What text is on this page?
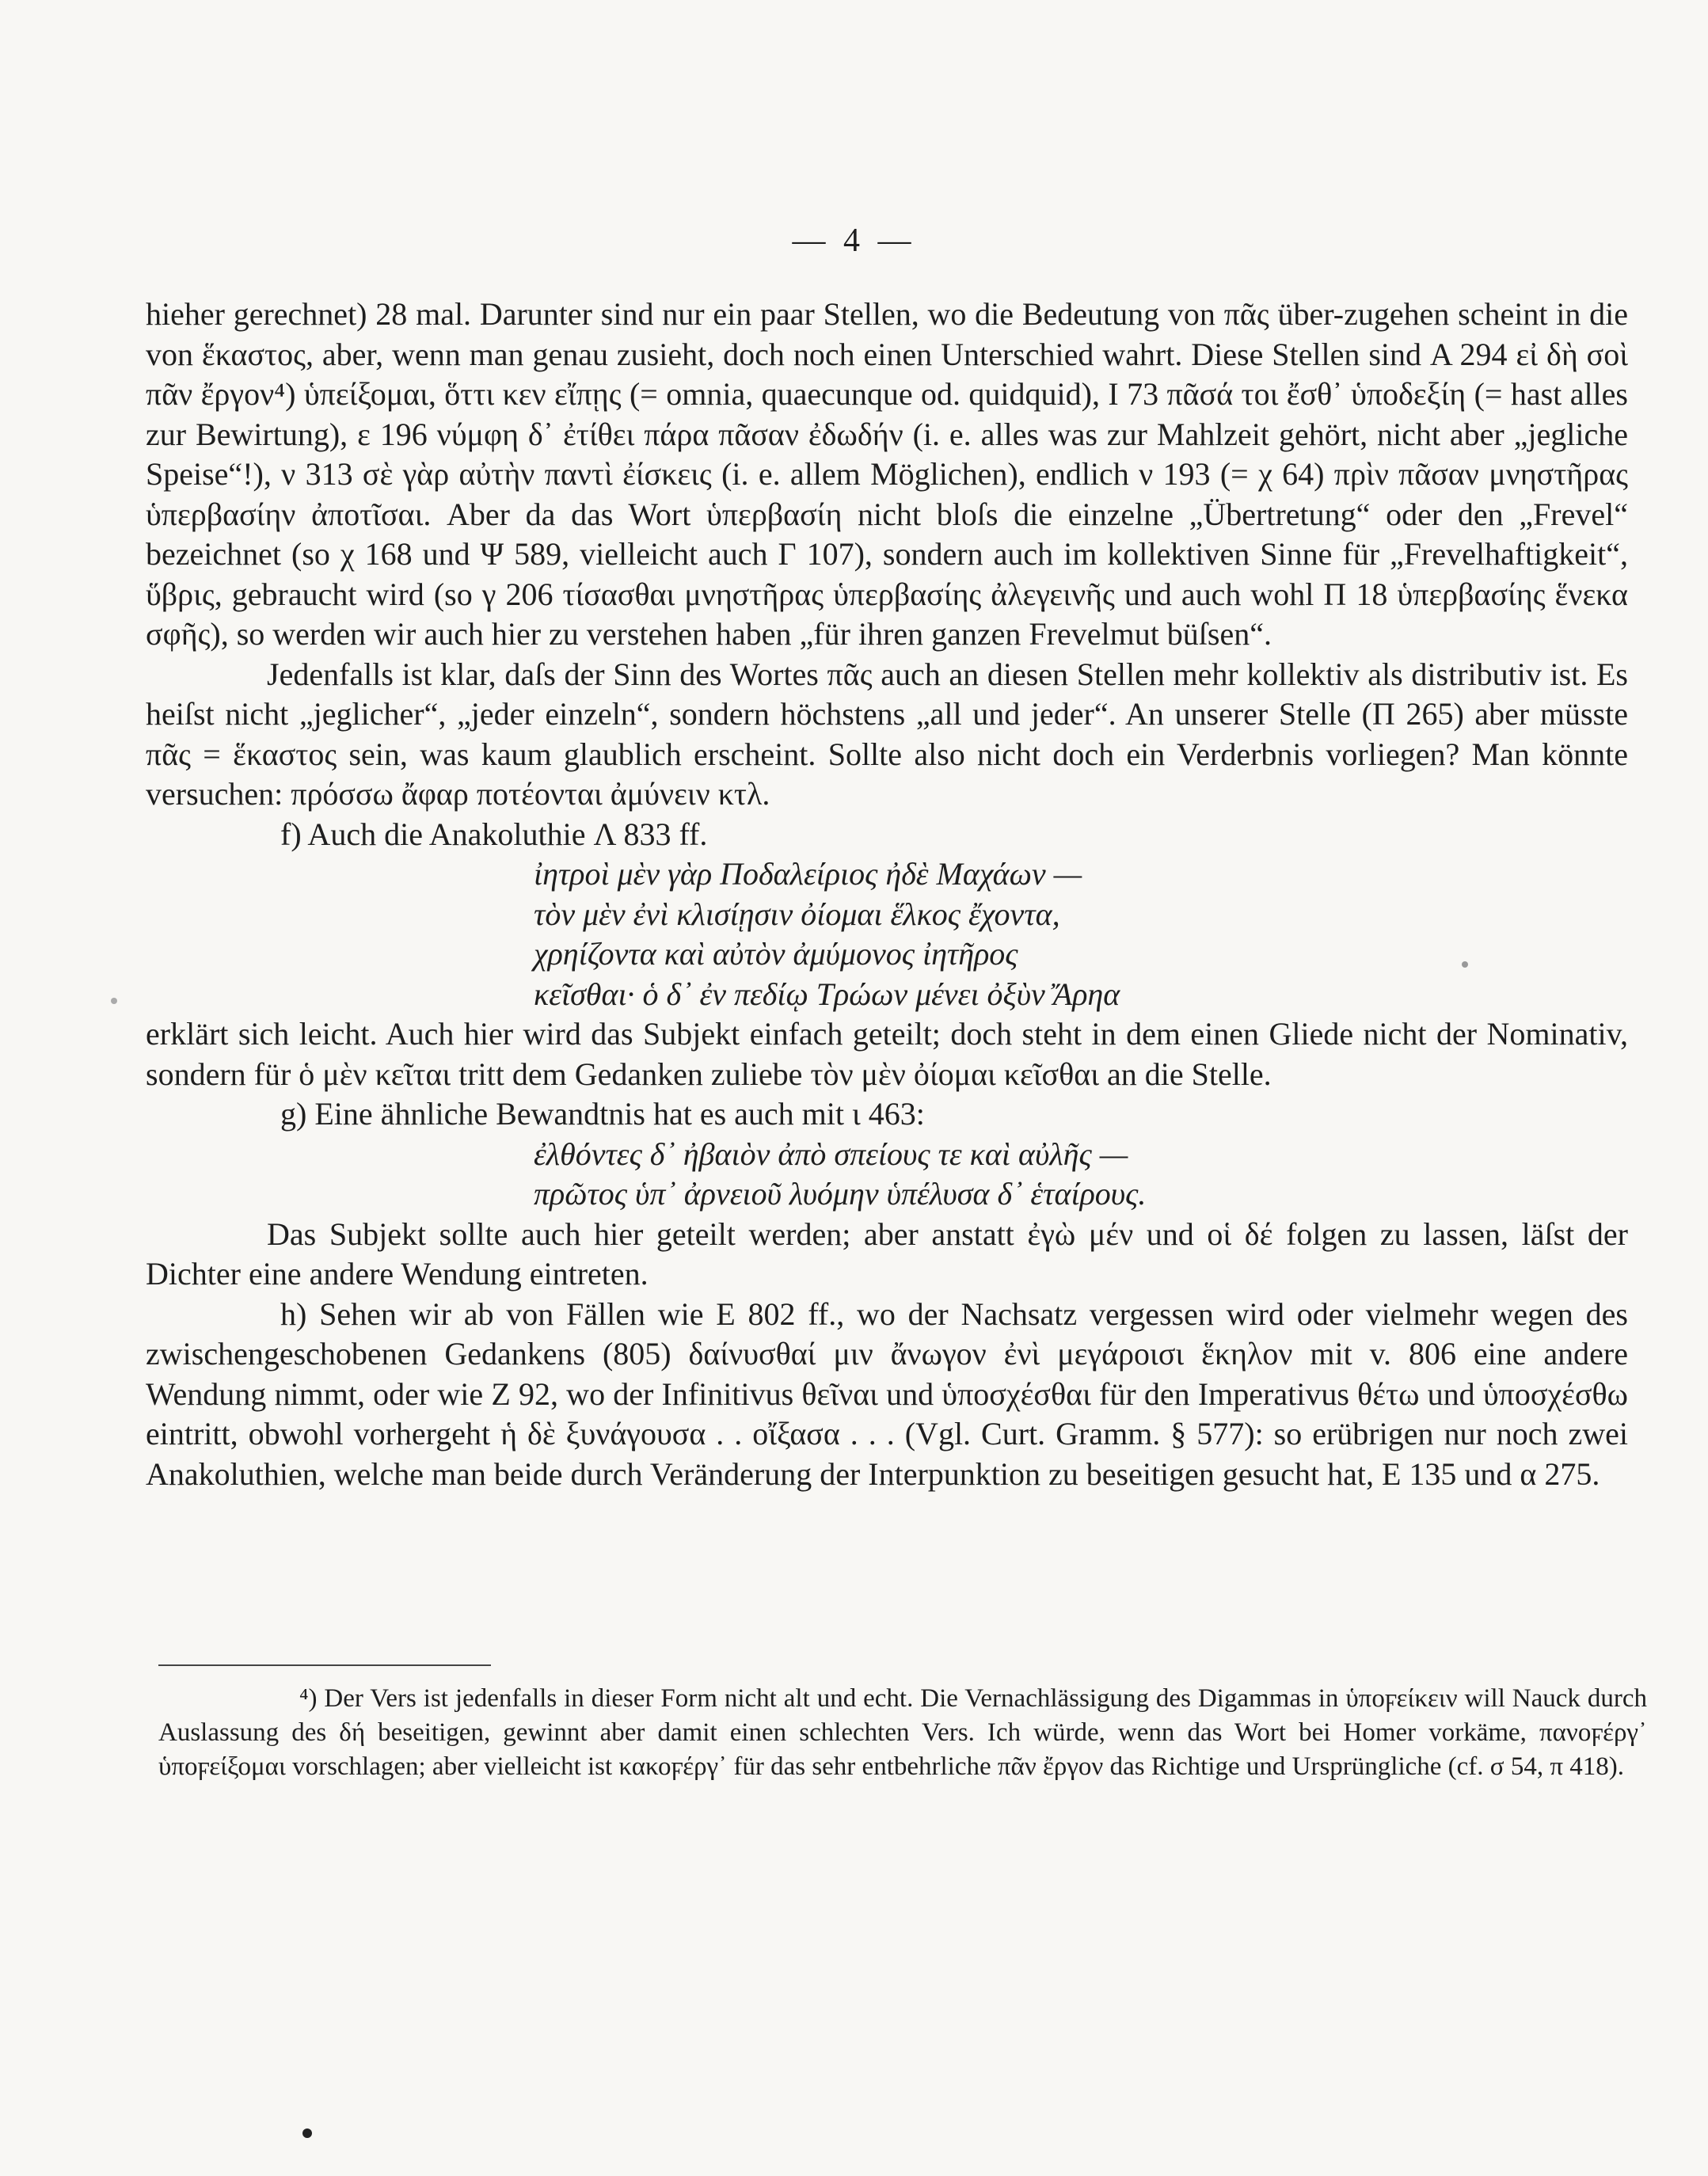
— 4 —

hieher gerechnet) 28 mal. Darunter sind nur ein paar Stellen, wo die Bedeutung von πᾶς über-zugehen scheint in die von ἕκαστος, aber, wenn man genau zusieht, doch noch einen Unterschied wahrt. Diese Stellen sind Α 294 εἰ δὴ σοὶ πᾶν ἔργον⁴) ὑπείξομαι, ὅττι κεν εἴπῃς (= omnia, quaecunque od. quidquid), Ι 73 πᾶσά τοι ἔσθ᾽ ὑποδεξίη (= hast alles zur Bewirtung), ε 196 νύμφη δ᾽ ἐτίθει πάρα πᾶσαν ἐδωδήν (i. e. alles was zur Mahlzeit gehört, nicht aber „jegliche Speise“!), ν 313 σὲ γὰρ αὐτὴν παντὶ ἐίσκεις (i. e. allem Möglichen), endlich ν 193 (= χ 64) πρὶν πᾶσαν μνηστῆρας ὑπερβασίην ἀποτῖσαι. Aber da das Wort ὑπερβασίη nicht bloſs die einzelne „Übertretung“ oder den „Frevel“ bezeichnet (so χ 168 und Ψ 589, vielleicht auch Γ 107), sondern auch im kollektiven Sinne für „Frevelhaftigkeit“, ὕβρις, gebraucht wird (so γ 206 τίσασθαι μνηστῆρας ὑπερβασίης ἀλεγεινῆς und auch wohl Π 18 ὑπερβασίης ἕνεκα σφῆς), so werden wir auch hier zu verstehen haben „für ihren ganzen Frevelmut büſsen“.

Jedenfalls ist klar, daſs der Sinn des Wortes πᾶς auch an diesen Stellen mehr kollektiv als distributiv ist. Es heiſst nicht „jeglicher“, „jeder einzeln“, sondern höchstens „all und jeder“. An unserer Stelle (Π 265) aber müsste πᾶς = ἕκαστος sein, was kaum glaublich erscheint. Sollte also nicht doch ein Verderbnis vorliegen? Man könnte versuchen: πρόσσω ἄφαρ ποτέονται ἀμύνειν κτλ.

f) Auch die Anakoluthie Λ 833 ff.

ἰητροὶ μὲν γὰρ Ποδαλείριος ἠδὲ Μαχάων —
τὸν μὲν ἐνὶ κλισίῃσιν ὀίομαι ἕλκος ἔχοντα,
χρηίζοντα καὶ αὐτὸν ἀμύμονος ἰητῆρος
κεῖσθαι· ὁ δ᾽ ἐν πεδίῳ Τρώων μένει ὀξὺν Ἄρηα

erklärt sich leicht. Auch hier wird das Subjekt einfach geteilt; doch steht in dem einen Gliede nicht der Nominativ, sondern für ὁ μὲν κεῖται tritt dem Gedanken zuliebe τὸν μὲν ὀίομαι κεῖσθαι an die Stelle.

g) Eine ähnliche Bewandtnis hat es auch mit ι 463:

ἐλθόντες δ᾽ ἠβαιὸν ἀπὸ σπείους τε καὶ αὐλῆς —
πρῶτος ὑπ᾽ ἀρνειοῦ λυόμην ὑπέλυσα δ᾽ ἑταίρους.

Das Subjekt sollte auch hier geteilt werden; aber anstatt ἐγὼ μέν und οἱ δέ folgen zu lassen, läſst der Dichter eine andere Wendung eintreten.

h) Sehen wir ab von Fällen wie Ε 802 ff., wo der Nachsatz vergessen wird oder vielmehr wegen des zwischengeschobenen Gedankens (805) δαίνυσθαί μιν ἄνωγον ἐνὶ μεγάροισι ἕκηλον mit v. 806 eine andere Wendung nimmt, oder wie Ζ 92, wo der Infinitivus θεῖναι und ὑποσχέσθαι für den Imperativus θέτω und ὑποσχέσθω eintritt, obwohl vorhergeht ἡ δὲ ξυνάγουσα . . οἴξασα . . . (Vgl. Curt. Gramm. § 577): so erübrigen nur noch zwei Anakoluthien, welche man beide durch Veränderung der Interpunktion zu beseitigen gesucht hat, Ε 135 und α 275.

⁴) Der Vers ist jedenfalls in dieser Form nicht alt und echt. Die Vernachlässigung des Digammas in ὑποϝείκειν will Nauck durch Auslassung des δή beseitigen, gewinnt aber damit einen schlechten Vers. Ich würde, wenn das Wort bei Homer vorkäme, πανοϝέργ᾽ ὑποϝείξομαι vorschlagen; aber vielleicht ist κακοϝέργ᾽ für das sehr entbehrliche πᾶν ἔργον das Richtige und Ursprüngliche (cf. σ 54, π 418).
